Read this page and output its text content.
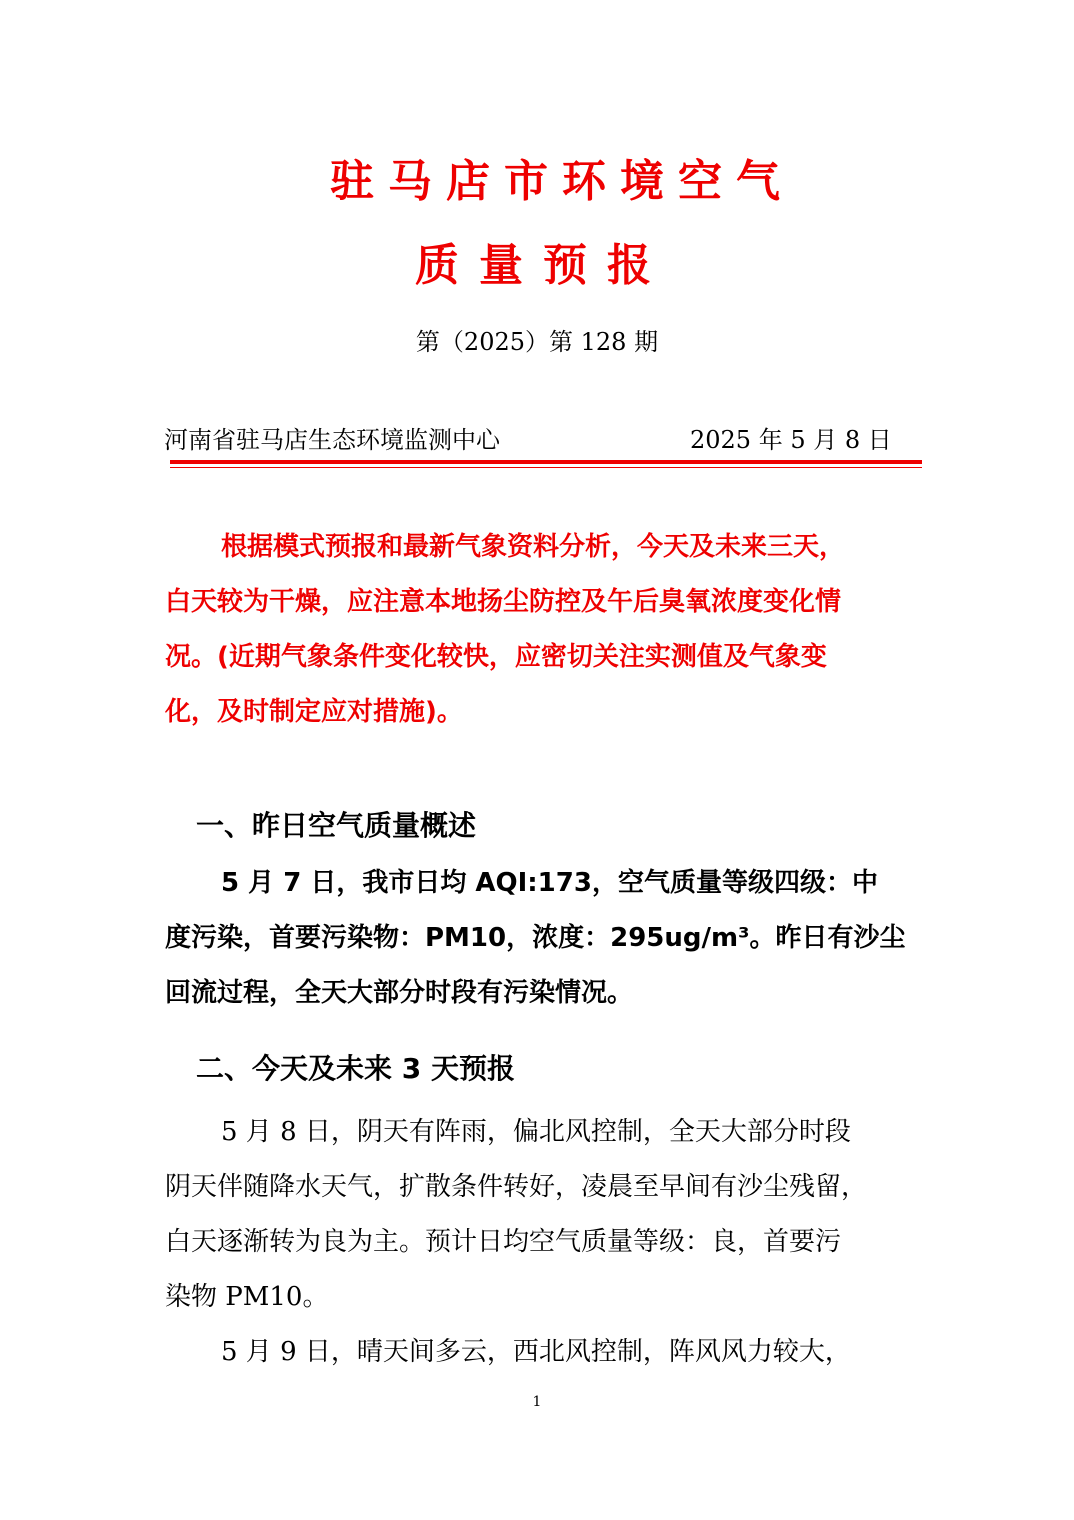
驻马店市环境空气
质量预报
第（2025）第 128 期
河南省驻马店生态环境监测中心	2025 年 5 月 8 日
根据模式预报和最新气象资料分析，今天及未来三天，
白天较为干燥，应注意本地扬尘防控及午后臭氧浓度变化情
况。(近期气象条件变化较快，应密切关注实测值及气象变
化，及时制定应对措施)。
一、昨日空气质量概述
5 月 7 日，我市日均 AQI:173，空气质量等级四级：中
度污染，首要污染物：PM10，浓度：295ug/m³。昨日有沙尘
回流过程，全天大部分时段有污染情况。
二、今天及未来 3 天预报
5 月 8 日，阴天有阵雨，偏北风控制，全天大部分时段
阴天伴随降水天气，扩散条件转好，凌晨至早间有沙尘残留，
白天逐渐转为良为主。预计日均空气质量等级：良，首要污
染物 PM10。
5 月 9 日，晴天间多云，西北风控制，阵风风力较大，
1
